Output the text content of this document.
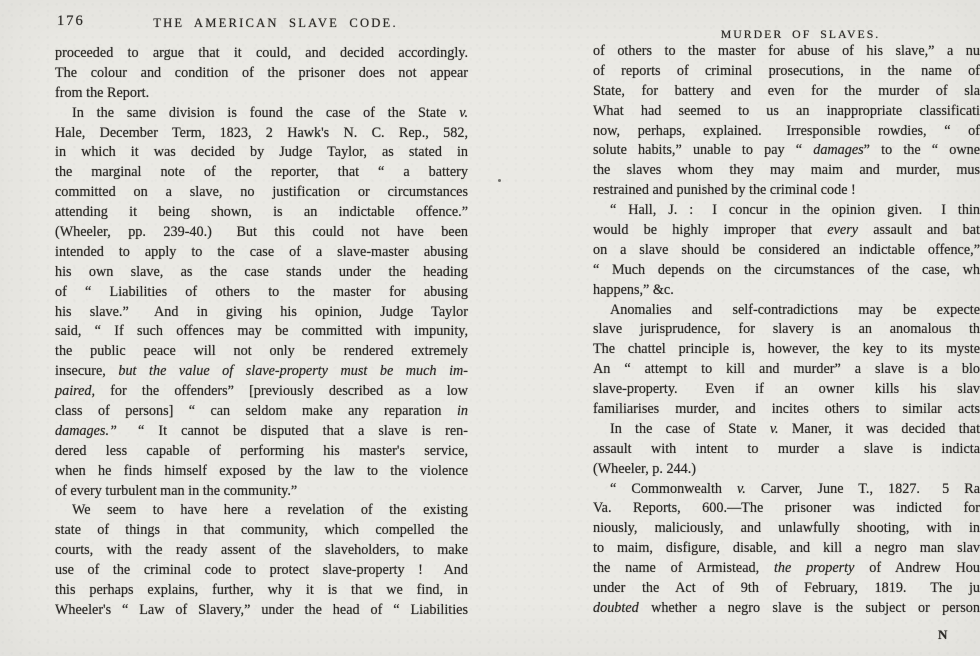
176	THE AMERICAN SLAVE CODE.
proceeded to argue that it could, and decided accordingly.
The colour and condition of the prisoner does not appear
from the Report.
In the same division is found the case of the State v.
Hale, December Term, 1823, 2 Hawk's N. C. Rep., 582,
in which it was decided by Judge Taylor, as stated in
the marginal note of the reporter, that “ a battery
committed on a slave, no justification or circumstances
attending it being shown, is an indictable offence.”
(Wheeler, pp. 239-40.)  But this could not have been
intended to apply to the case of a slave-master abusing
his own slave, as the case stands under the heading
of “ Liabilities of others to the master for abusing
his slave.”  And in giving his opinion, Judge Taylor
said, “ If such offences may be committed with impunity,
the public peace will not only be rendered extremely
insecure, but the value of slave-property must be much im-
paired, for the offenders” [previously described as a low
class of persons] “ can seldom make any reparation in
damages.”  “ It cannot be disputed that a slave is ren-
dered less capable of performing his master's service,
when he finds himself exposed by the law to the violence
of every turbulent man in the community.”
We seem to have here a revelation of the existing
state of things in that community, which compelled the
courts, with the ready assent of the slaveholders, to make
use of the criminal code to protect slave-property !  And
this perhaps explains, further, why it is that we find, in
Wheeler's “ Law of Slavery,” under the head of “ Liabilities
MURDER OF SLAVES.
of others to the master for abuse of his slave,” a nu
of reports of criminal prosecutions, in the name of
State, for battery and even for the murder of sla
What had seemed to us an inappropriate classificati
now, perhaps, explained.  Irresponsible rowdies, “ of
solute habits,” unable to pay “ damages” to the “ owne
the slaves whom they may maim and murder, mus
restrained and punished by the criminal code !
“ Hall, J. :  I concur in the opinion given.  I thin
would be highly improper that every assault and bat
on a slave should be considered an indictable offence,”
“ Much depends on the circumstances of the case, wh
happens,” &c.
Anomalies and self-contradictions may be expecte
slave jurisprudence, for slavery is an anomalous th
The chattel principle is, however, the key to its myste
An “ attempt to kill and murder” a slave is a blo
slave-property.  Even if an owner kills his slav
familiarises murder, and incites others to similar acts
In the case of State v. Maner, it was decided that
assault with intent to murder a slave is indicta
(Wheeler, p. 244.)
“ Commonwealth v. Carver, June T., 1827.  5 Ra
Va. Reports, 600.—The prisoner was indicted for
niously, maliciously, and unlawfully shooting, with in
to maim, disfigure, disable, and kill a negro man slav
the name of Armistead, the property of Andrew Hou
under the Act of 9th of February, 1819.  The ju
doubted whether a negro slave is the subject or person
N
